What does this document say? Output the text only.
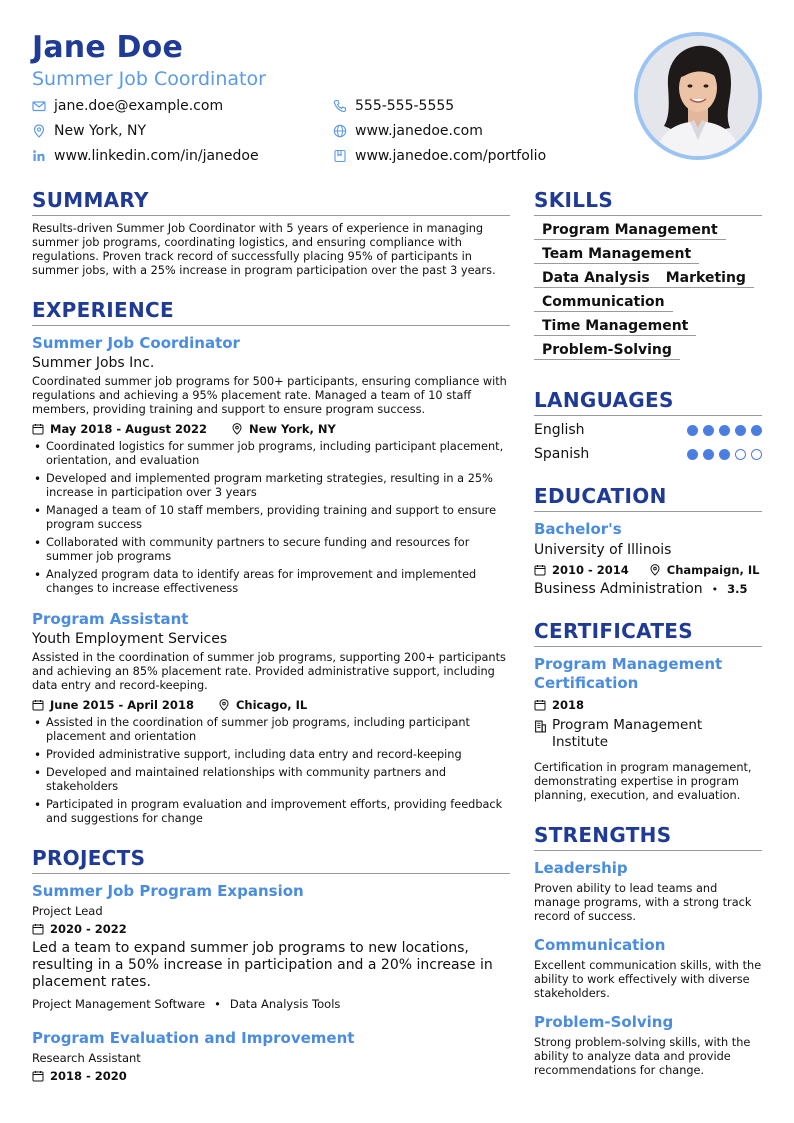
Jane Doe
Summer Job Coordinator
jane.doe@example.com	555-555-5555
New York, NY	www.janedoe.com
www.linkedin.com/in/janedoe	www.janedoe.com/portfolio
SUMMARY
Results-driven Summer Job Coordinator with 5 years of experience in managing summer job programs, coordinating logistics, and ensuring compliance with regulations. Proven track record of successfully placing 95% of participants in summer jobs, with a 25% increase in program participation over the past 3 years.
EXPERIENCE
Summer Job Coordinator
Summer Jobs Inc.
Coordinated summer job programs for 500+ participants, ensuring compliance with regulations and achieving a 95% placement rate. Managed a team of 10 staff members, providing training and support to ensure program success.
May 2018 - August 2022	New York, NY
• Coordinated logistics for summer job programs, including participant placement, orientation, and evaluation
• Developed and implemented program marketing strategies, resulting in a 25% increase in participation over 3 years
• Managed a team of 10 staff members, providing training and support to ensure program success
• Collaborated with community partners to secure funding and resources for summer job programs
• Analyzed program data to identify areas for improvement and implemented changes to increase effectiveness
Program Assistant
Youth Employment Services
Assisted in the coordination of summer job programs, supporting 200+ participants and achieving an 85% placement rate. Provided administrative support, including data entry and record-keeping.
June 2015 - April 2018	Chicago, IL
• Assisted in the coordination of summer job programs, including participant placement and orientation
• Provided administrative support, including data entry and record-keeping
• Developed and maintained relationships with community partners and stakeholders
• Participated in program evaluation and improvement efforts, providing feedback and suggestions for change
PROJECTS
Summer Job Program Expansion
Project Lead
2020 - 2022
Led a team to expand summer job programs to new locations, resulting in a 50% increase in participation and a 20% increase in placement rates.
Project Management Software • Data Analysis Tools
Program Evaluation and Improvement
Research Assistant
2018 - 2020
SKILLS
Program Management
Team Management
Data Analysis	Marketing
Communication
Time Management
Problem-Solving
LANGUAGES
English
Spanish
EDUCATION
Bachelor's
University of Illinois
2010 - 2014	Champaign, IL
Business Administration • 3.5
CERTIFICATES
Program Management Certification
2018
Program Management Institute
Certification in program management, demonstrating expertise in program planning, execution, and evaluation.
STRENGTHS
Leadership
Proven ability to lead teams and manage programs, with a strong track record of success.
Communication
Excellent communication skills, with the ability to work effectively with diverse stakeholders.
Problem-Solving
Strong problem-solving skills, with the ability to analyze data and provide recommendations for change.
